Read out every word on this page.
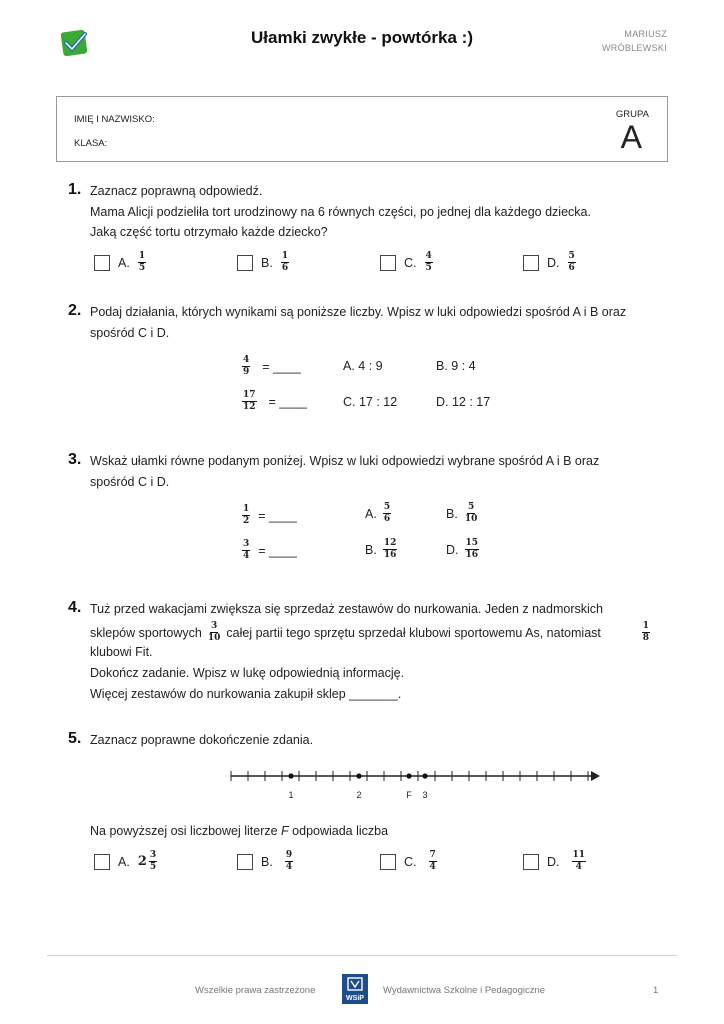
Ułamki zwykłe - powtórka :)	MARIUSZ
WRÓBLEWSKI
IMIĘ I NAZWISKO:
KLASA:
GRUPA
A
1. Zaznacz poprawną odpowiedź.
Mama Alicji podzieliła tort urodzinowy na 6 równych części, po jednej dla każdego dziecka.
Jaką część tortu otrzymało każde dziecko?
A. $\frac{1}{5}$	B. $\frac{1}{6}$	C. $\frac{4}{5}$	D. $\frac{5}{6}$
2. Podaj działania, których wynikami są poniższe liczby. Wpisz w luki odpowiedzi spośród A i B oraz
spośród C i D.
$\frac{4}{9}$ = ____	A. 4 : 9	B. 9 : 4
$\frac{17}{12}$ = ____	C. 17 : 12	D. 12 : 17
3. Wskaż ułamki równe podanym poniżej. Wpisz w luki odpowiedzi wybrane spośród A i B oraz
spośród C i D.
$\frac{1}{2}$ = ____	A. $\frac{5}{6}$	B. $\frac{5}{10}$
$\frac{3}{4}$ = ____	B. $\frac{12}{16}$	D. $\frac{15}{16}$
4. Tuż przed wakacjami zwiększa się sprzedaż zestawów do nurkowania. Jeden z nadmorskich
sklepów sportowych $\frac{3}{10}$ całej partii tego sprzętu sprzedał klubowi sportowemu As, natomiast	$\frac{1}{8}$
klubowi Fit.
Dokończ zadanie. Wpisz w lukę odpowiednią informację.
Więcej zestawów do nurkowania zakupił sklep _______.
5. Zaznacz poprawne dokończenie zdania.
1	2	F 3
Na powyższej osi liczbowej literze F odpowiada liczba
A. $2 \frac{3}{5}$	B. $\frac{9}{4}$	C. $\frac{7}{4}$	D. $\frac{11}{4}$
Wszelkie prawa zastrzeżone
WSiP
Wydawnictwa Szkolne i Pedagogiczne	1
